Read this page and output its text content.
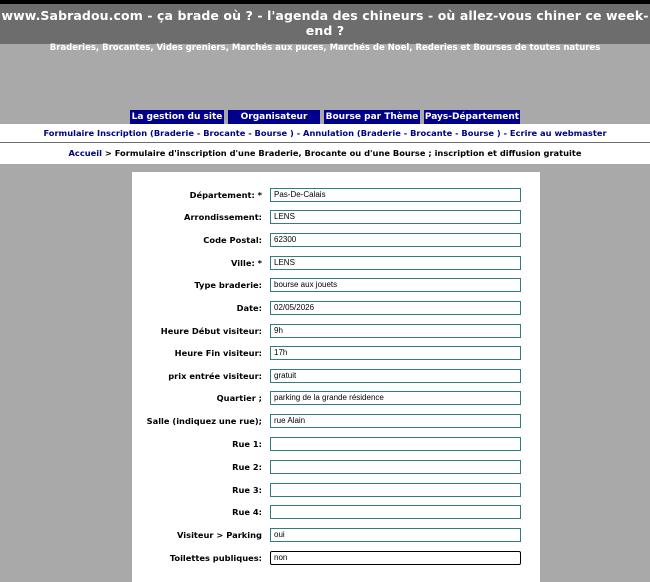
www.Sabradou.com - ça brade où ? - l'agenda des chineurs - où allez-vous chiner ce week-end ?
Braderies, Brocantes, Vides greniers, Marchés aux puces, Marchés de Noel, Rederies et Bourses de toutes natures
La gestion du site	Organisateur	Bourse par Thème Pays-Département
Formulaire Inscription (Braderie - Brocante - Bourse ) - Annulation (Braderie - Brocante - Bourse ) - Ecrire au webmaster
Accueil > Formulaire d'inscription d'une Braderie, Brocante ou d'une Bourse ; inscription et diffusion gratuite
Département: *	Pas-De-Calais
Arrondissement:	LENS
Code Postal:	62300
Ville: *	LENS
Type braderie:	bourse aux jouets
Date:	02/05/2026
Heure Début visiteur:	9h
Heure Fin visiteur:	17h
prix entrée visiteur:	gratuit
Quartier ;	parking de la grande résidence
Salle (indiquez une rue);	rue Alain
Rue 1:
Rue 2:
Rue 3:
Rue 4:
Visiteur > Parking	oui
Toilettes publiques:	non
